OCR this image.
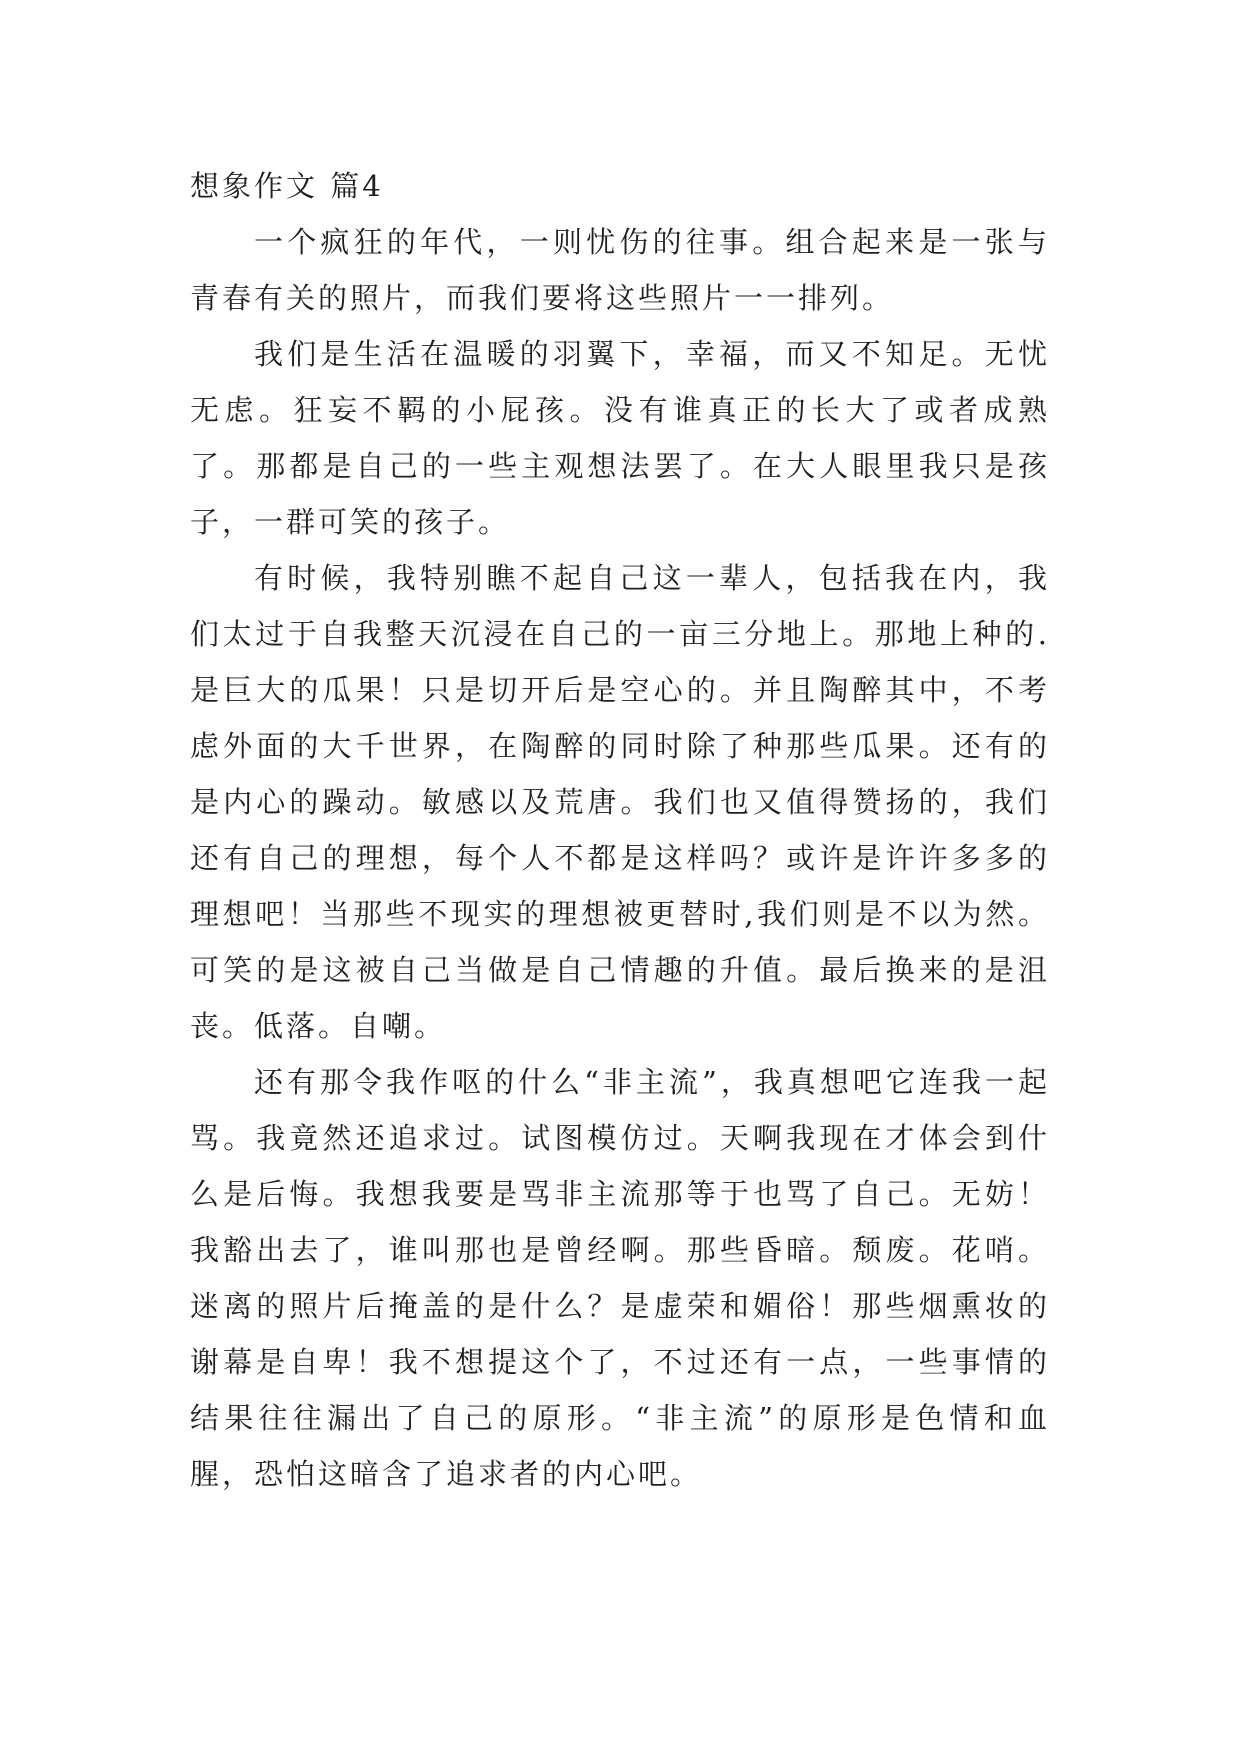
想象作文 篇4

一个疯狂的年代，一则忧伤的往事。组合起来是一张与青春有关的照片，而我们要将这些照片一一排列。

我们是生活在温暖的羽翼下，幸福，而又不知足。无忧无虑。狂妄不羁的小屁孩。没有谁真正的长大了或者成熟了。那都是自己的一些主观想法罢了。在大人眼里我只是孩子，一群可笑的孩子。

有时候，我特别瞧不起自己这一辈人，包括我在内，我们太过于自我整天沉浸在自己的一亩三分地上。那地上种的.是巨大的瓜果！只是切开后是空心的。并且陶醉其中，不考虑外面的大千世界，在陶醉的同时除了种那些瓜果。还有的是内心的躁动。敏感以及荒唐。我们也又值得赞扬的，我们还有自己的理想，每个人不都是这样吗？或许是许许多多的理想吧！当那些不现实的理想被更替时,我们则是不以为然。可笑的是这被自己当做是自己情趣的升值。最后换来的是沮丧。低落。自嘲。

还有那令我作呕的什么“非主流”，我真想吧它连我一起骂。我竟然还追求过。试图模仿过。天啊我现在才体会到什么是后悔。我想我要是骂非主流那等于也骂了自己。无妨！我豁出去了，谁叫那也是曾经啊。那些昏暗。颓废。花哨。迷离的照片后掩盖的是什么？是虚荣和媚俗！那些烟熏妆的谢幕是自卑！我不想提这个了，不过还有一点，一些事情的结果往往漏出了自己的原形。“非主流”的原形是色情和血腥，恐怕这暗含了追求者的内心吧。
